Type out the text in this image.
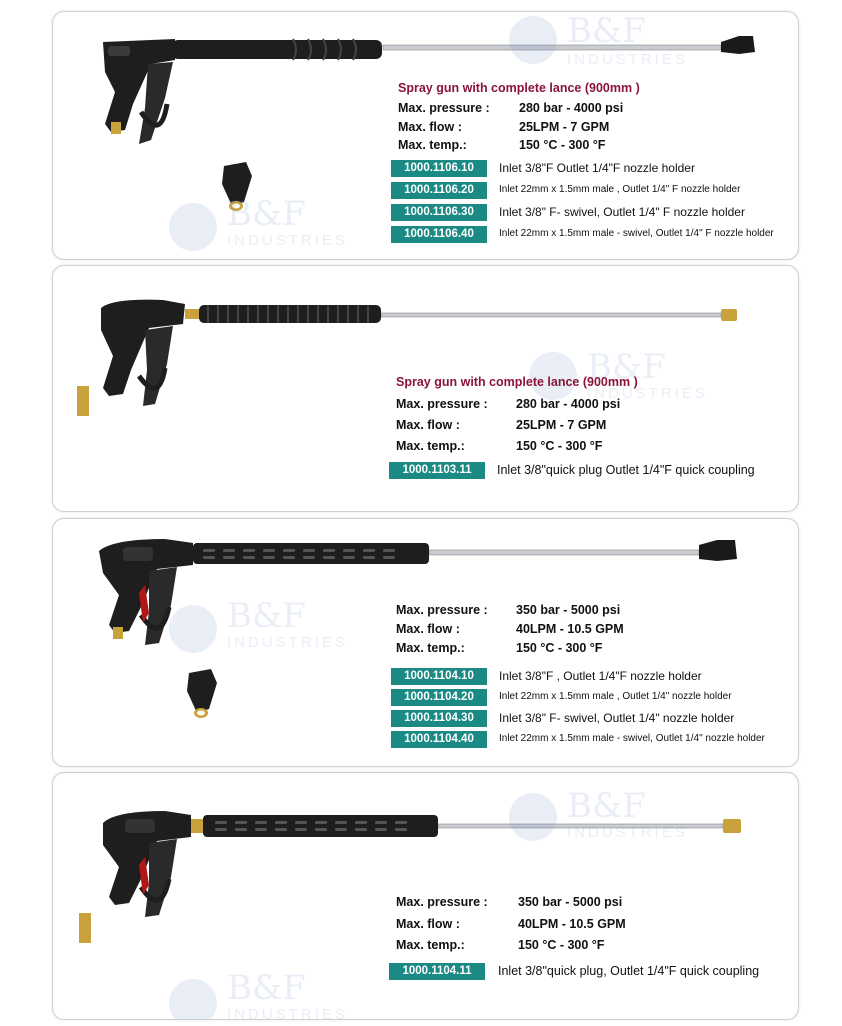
B&F
INDUSTRIES
B&F
INDUSTRIES
Spray gun with complete lance (900mm )
Max. pressure : 280 bar - 4000 psi
Max. flow :	25LPM - 7 GPM
Max. temp.:	150 °C - 300 °F
1000.1106.10	Inlet 3/8"F Outlet 1/4"F nozzle holder
1000.1106.20	Inlet 22mm x 1.5mm male , Outlet 1/4" F nozzle holder
1000.1106.30	Inlet 3/8" F- swivel, Outlet 1/4" F nozzle holder
1000.1106.40	Inlet 22mm x 1.5mm male - swivel, Outlet 1/4" F nozzle holder
B&F
INDUSTRIES
Spray gun with complete lance (900mm )
Max. pressure : 280 bar - 4000 psi
Max. flow :	25LPM - 7 GPM
Max. temp.:	150 °C - 300 °F
1000.1103.11	Inlet 3/8"quick plug Outlet 1/4"F quick coupling
B&F
INDUSTRIES
Max. pressure : 350 bar - 5000 psi
Max. flow :	40LPM - 10.5 GPM
Max. temp.:	150 °C - 300 °F
1000.1104.10	Inlet 3/8"F , Outlet 1/4"F nozzle holder
1000.1104.20	Inlet 22mm x 1.5mm male , Outlet 1/4" nozzle holder
1000.1104.30	Inlet 3/8" F- swivel, Outlet 1/4" nozzle holder
1000.1104.40	Inlet 22mm x 1.5mm male - swivel, Outlet 1/4" nozzle holder
B&F
INDUSTRIES
B&F
INDUSTRIES
Max. pressure : 350 bar - 5000 psi
Max. flow :	40LPM - 10.5 GPM
Max. temp.:	150 °C - 300 °F
1000.1104.11	Inlet 3/8"quick plug, Outlet 1/4"F quick coupling
